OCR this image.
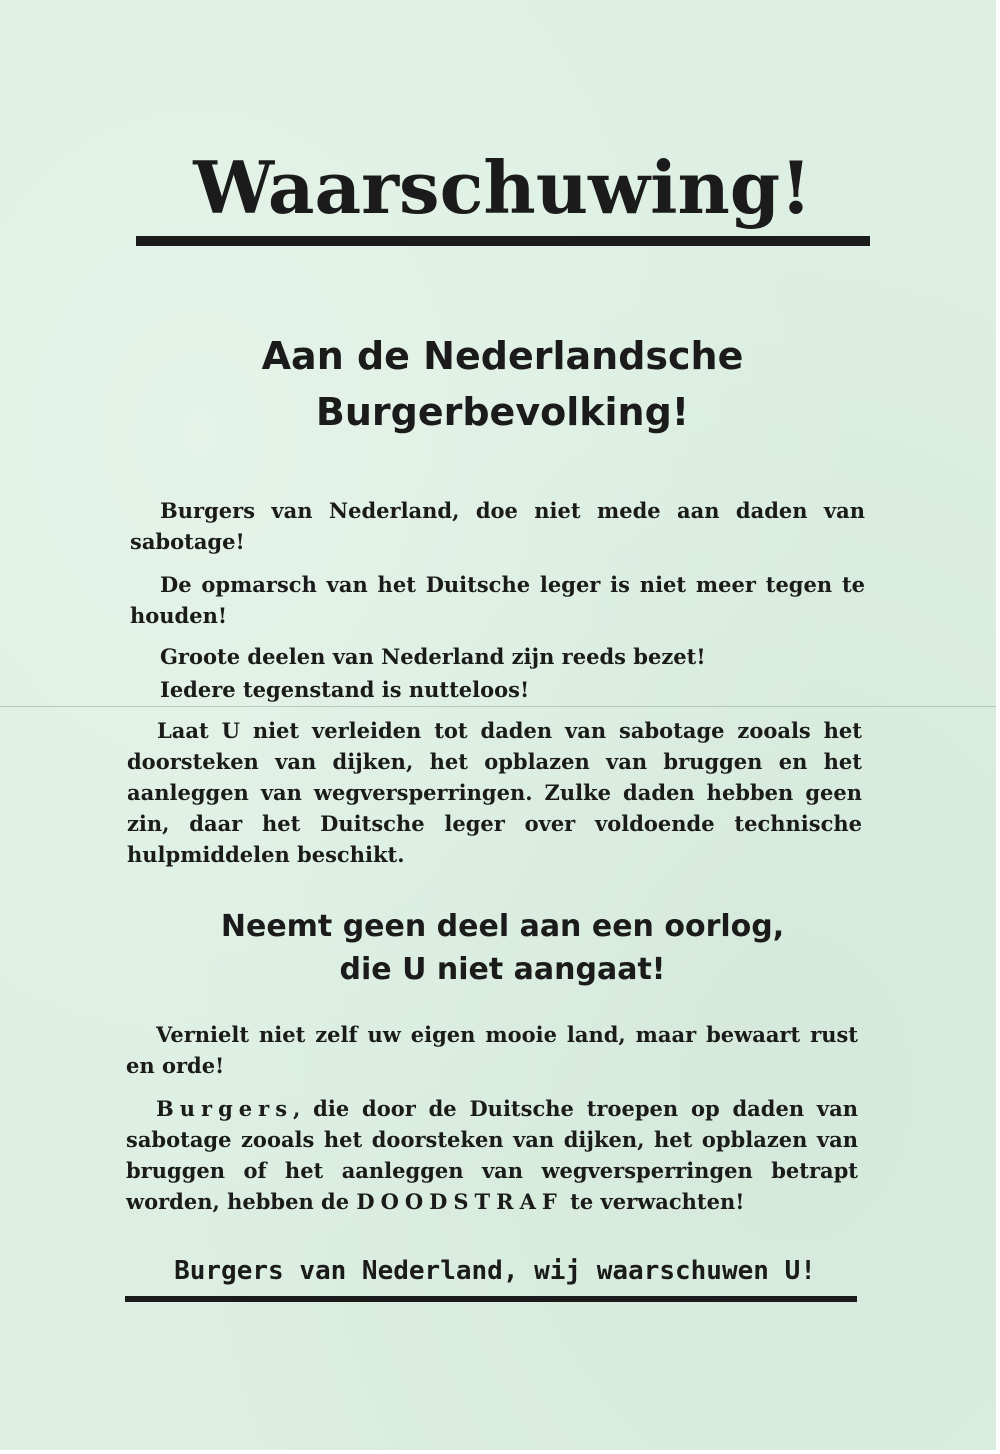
Waarschuwing!
Aan de Nederlandsche
Burgerbevolking!

Burgers van Nederland, doe niet mede aan daden van sabotage!

De opmarsch van het Duitsche leger is niet meer tegen te houden!

Groote deelen van Nederland zijn reeds bezet!

Iedere tegenstand is nutteloos!

Laat U niet verleiden tot daden van sabotage zooals het doorsteken van dijken, het opblazen van bruggen en het aanleggen van wegversperringen. Zulke daden hebben geen zin, daar het Duitsche leger over voldoende technische hulpmiddelen beschikt.

Neemt geen deel aan een oorlog,
die U niet aangaat!

Vernielt niet zelf uw eigen mooie land, maar bewaart rust en orde!

Burgers, die door de Duitsche troepen op daden van sabotage zooals het doorsteken van dijken, het opblazen van bruggen of het aanleggen van wegversperringen betrapt worden, hebben de DOODSTRAF te verwachten!

Burgers van Nederland, wij waarschuwen U!
